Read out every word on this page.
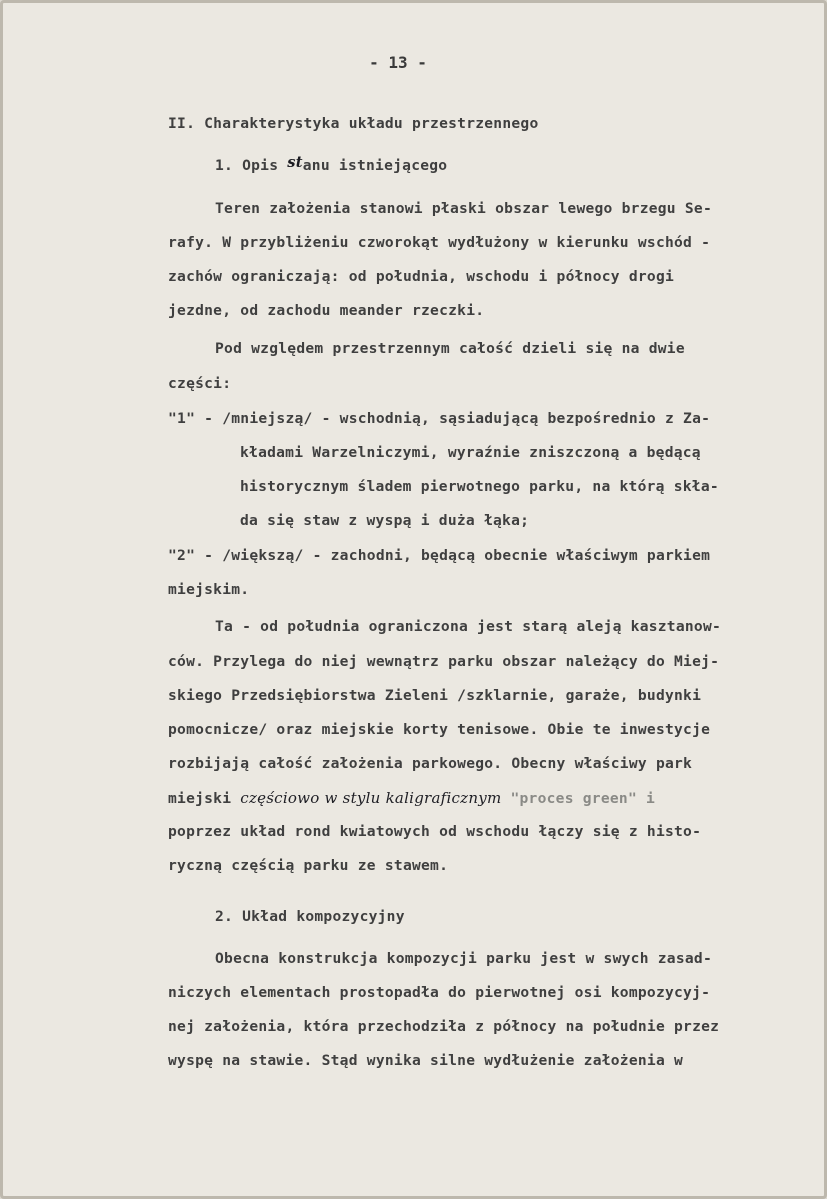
- 13 -
II. Charakterystyka układu przestrzennego
1. Opis stanu istniejącego
Teren założenia stanowi płaski obszar lewego brzegu Se-
rafy. W przybliżeniu czworokąt wydłużony w kierunku wschód -
zachów ograniczają: od południa, wschodu i północy drogi
jezdne, od zachodu meander rzeczki.
Pod względem przestrzennym całość dzieli się na dwie
części:
"1" - /mniejszą/ - wschodnią, sąsiadującą bezpośrednio z Za-
kładami Warzelniczymi, wyraźnie zniszczoną a będącą
historycznym śladem pierwotnego parku, na którą skła-
da się staw z wyspą i duża łąka;
"2" - /większą/ - zachodni, będącą obecnie właściwym parkiem
miejskim.
Ta - od południa ograniczona jest starą aleją kasztanow-
ców. Przylega do niej wewnątrz parku obszar należący do Miej-
skiego Przedsiębiorstwa Zieleni /szklarnie, garaże, budynki
pomocnicze/ oraz miejskie korty tenisowe. Obie te inwestycje
rozbijają całość założenia parkowego. Obecny właściwy park
miejski częściowo w stylu kaligraficznym "proces green" i
poprzez układ rond kwiatowych od wschodu łączy się z histo-
ryczną częścią parku ze stawem.
2. Układ kompozycyjny
Obecna konstrukcja kompozycji parku jest w swych zasad-
niczych elementach prostopadła do pierwotnej osi kompozycyj-
nej założenia, która przechodziła z północy na południe przez
wyspę na stawie. Stąd wynika silne wydłużenie założenia w
